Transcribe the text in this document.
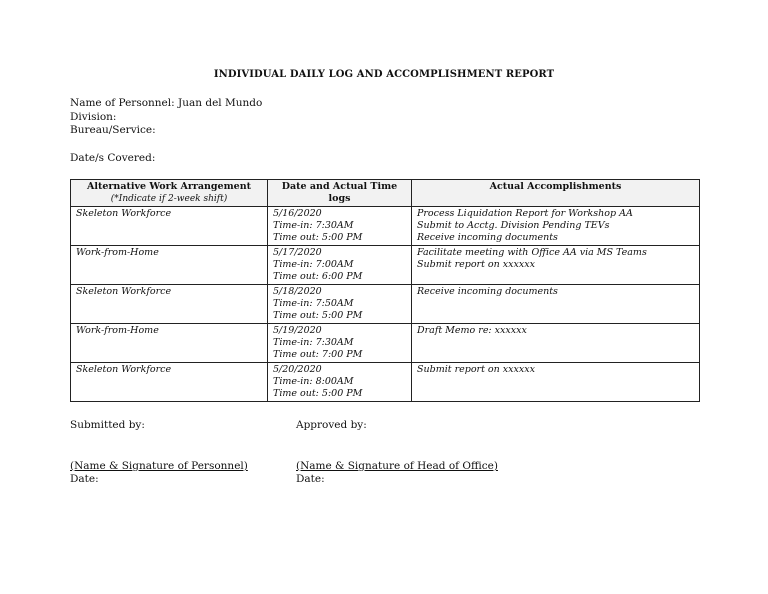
INDIVIDUAL DAILY LOG AND ACCOMPLISHMENT REPORT
Name of Personnel: Juan del Mundo
Division:
Bureau/Service:
Date/s Covered:
Alternative Work Arrangement
(*Indicate if 2-week shift)	Date and Actual Time logs	Actual Accomplishments

Skeleton Workforce	5/16/2020
Time-in: 7:30AM
Time out: 5:00 PM	Process Liquidation Report for Workshop AA
Submit to Acctg. Division Pending TEVs
Receive incoming documents

Work-from-Home	5/17/2020
Time-in: 7:00AM
Time out: 6:00 PM	Facilitate meeting with Office AA via MS Teams
Submit report on xxxxxx

Skeleton Workforce	5/18/2020
Time-in: 7:50AM
Time out: 5:00 PM	Receive incoming documents

Work-from-Home	5/19/2020
Time-in: 7:30AM
Time out: 7:00 PM	Draft Memo re: xxxxxx

Skeleton Workforce	5/20/2020
Time-in: 8:00AM
Time out: 5:00 PM	Submit report on xxxxxx
Submitted by:
(Name & Signature of Personnel)
Date:
Approved by:
(Name & Signature of Head of Office)
Date:
